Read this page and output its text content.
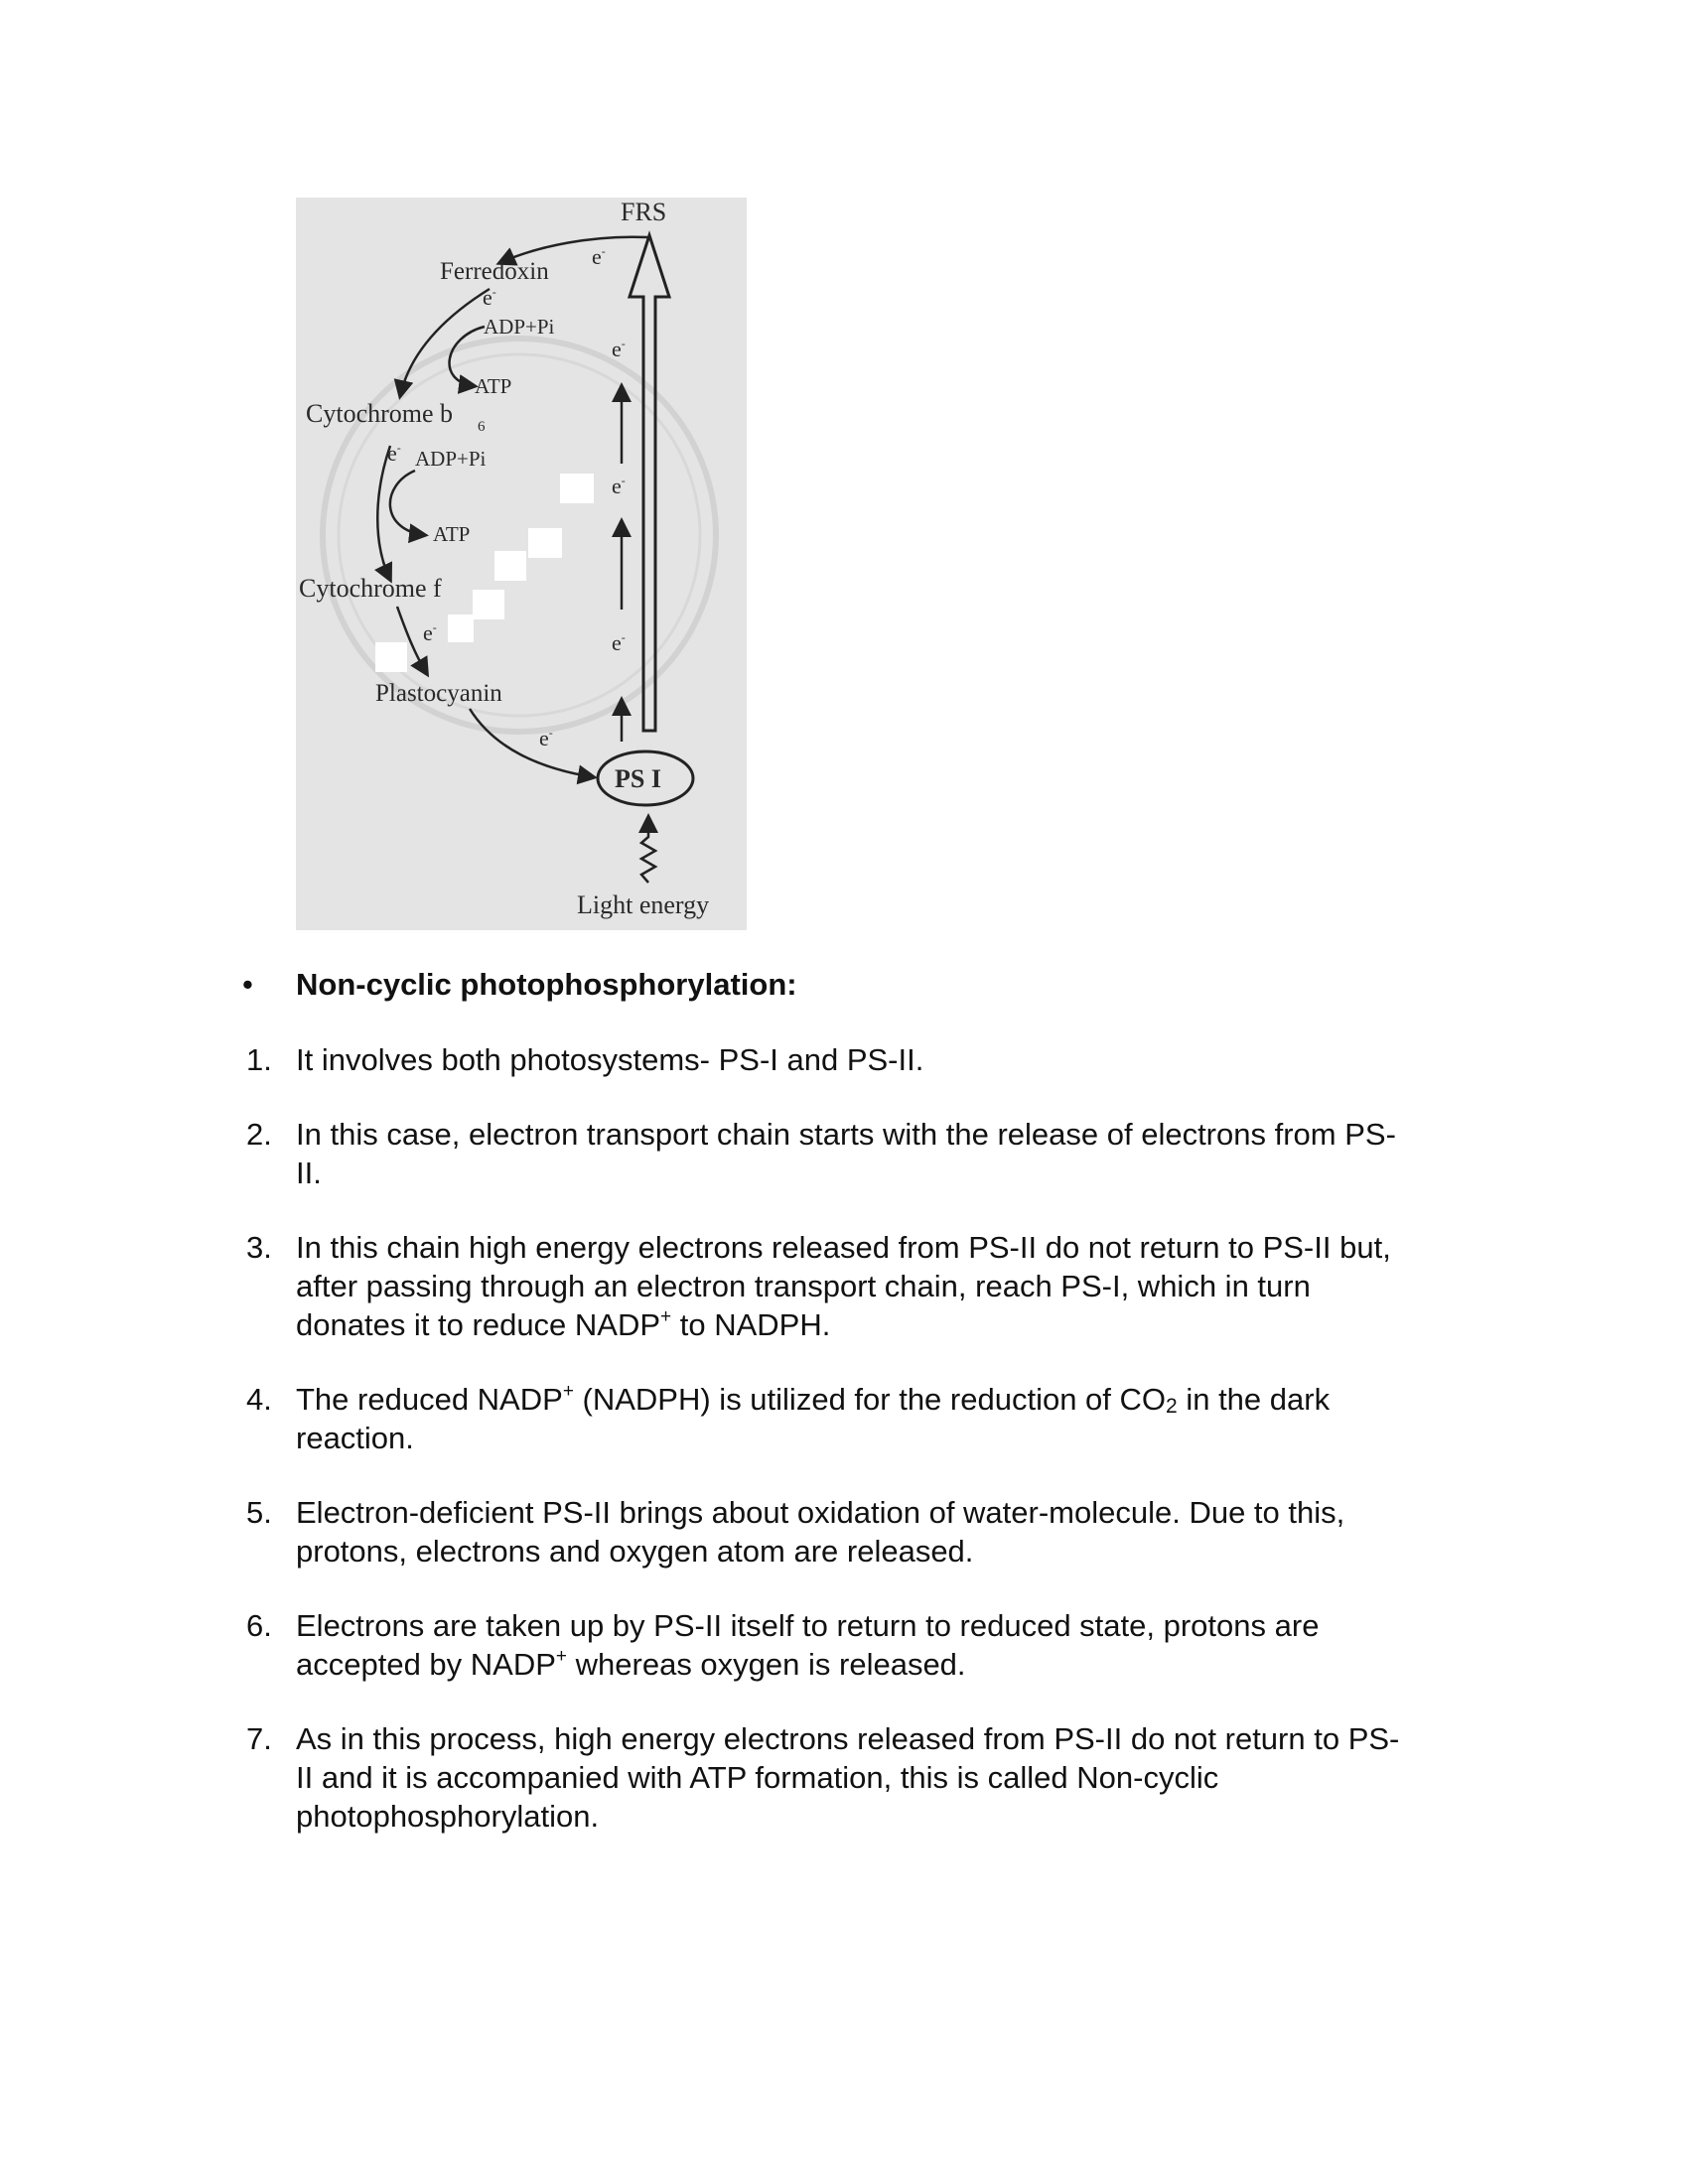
FRS
Ferredoxin
ADP+Pi
ATP
Cytochrome b 6
ADP+Pi
ATP
Cytochrome f
Plastocyanin
PS I
Light energy
e-
e-
e-
e-
e-
e-
e-
e-
• Non-cyclic photophosphorylation:
1. It involves both photosystems- PS-I and PS-II.
2. In this case, electron transport chain starts with the release of electrons from PS-
II.
3. In this chain high energy electrons released from PS-II do not return to PS-II but,
after passing through an electron transport chain, reach PS-I, which in turn
donates it to reduce NADP+ to NADPH.
4. The reduced NADP+ (NADPH) is utilized for the reduction of $CO_2$ in the dark
reaction.
5. Electron-deficient PS-II brings about oxidation of water-molecule. Due to this,
protons, electrons and oxygen atom are released.
6. Electrons are taken up by PS-II itself to return to reduced state, protons are
accepted by NADP+ whereas oxygen is released.
7. As in this process, high energy electrons released from PS-II do not return to PS-
II and it is accompanied with ATP formation, this is called Non-cyclic
photophosphorylation.
